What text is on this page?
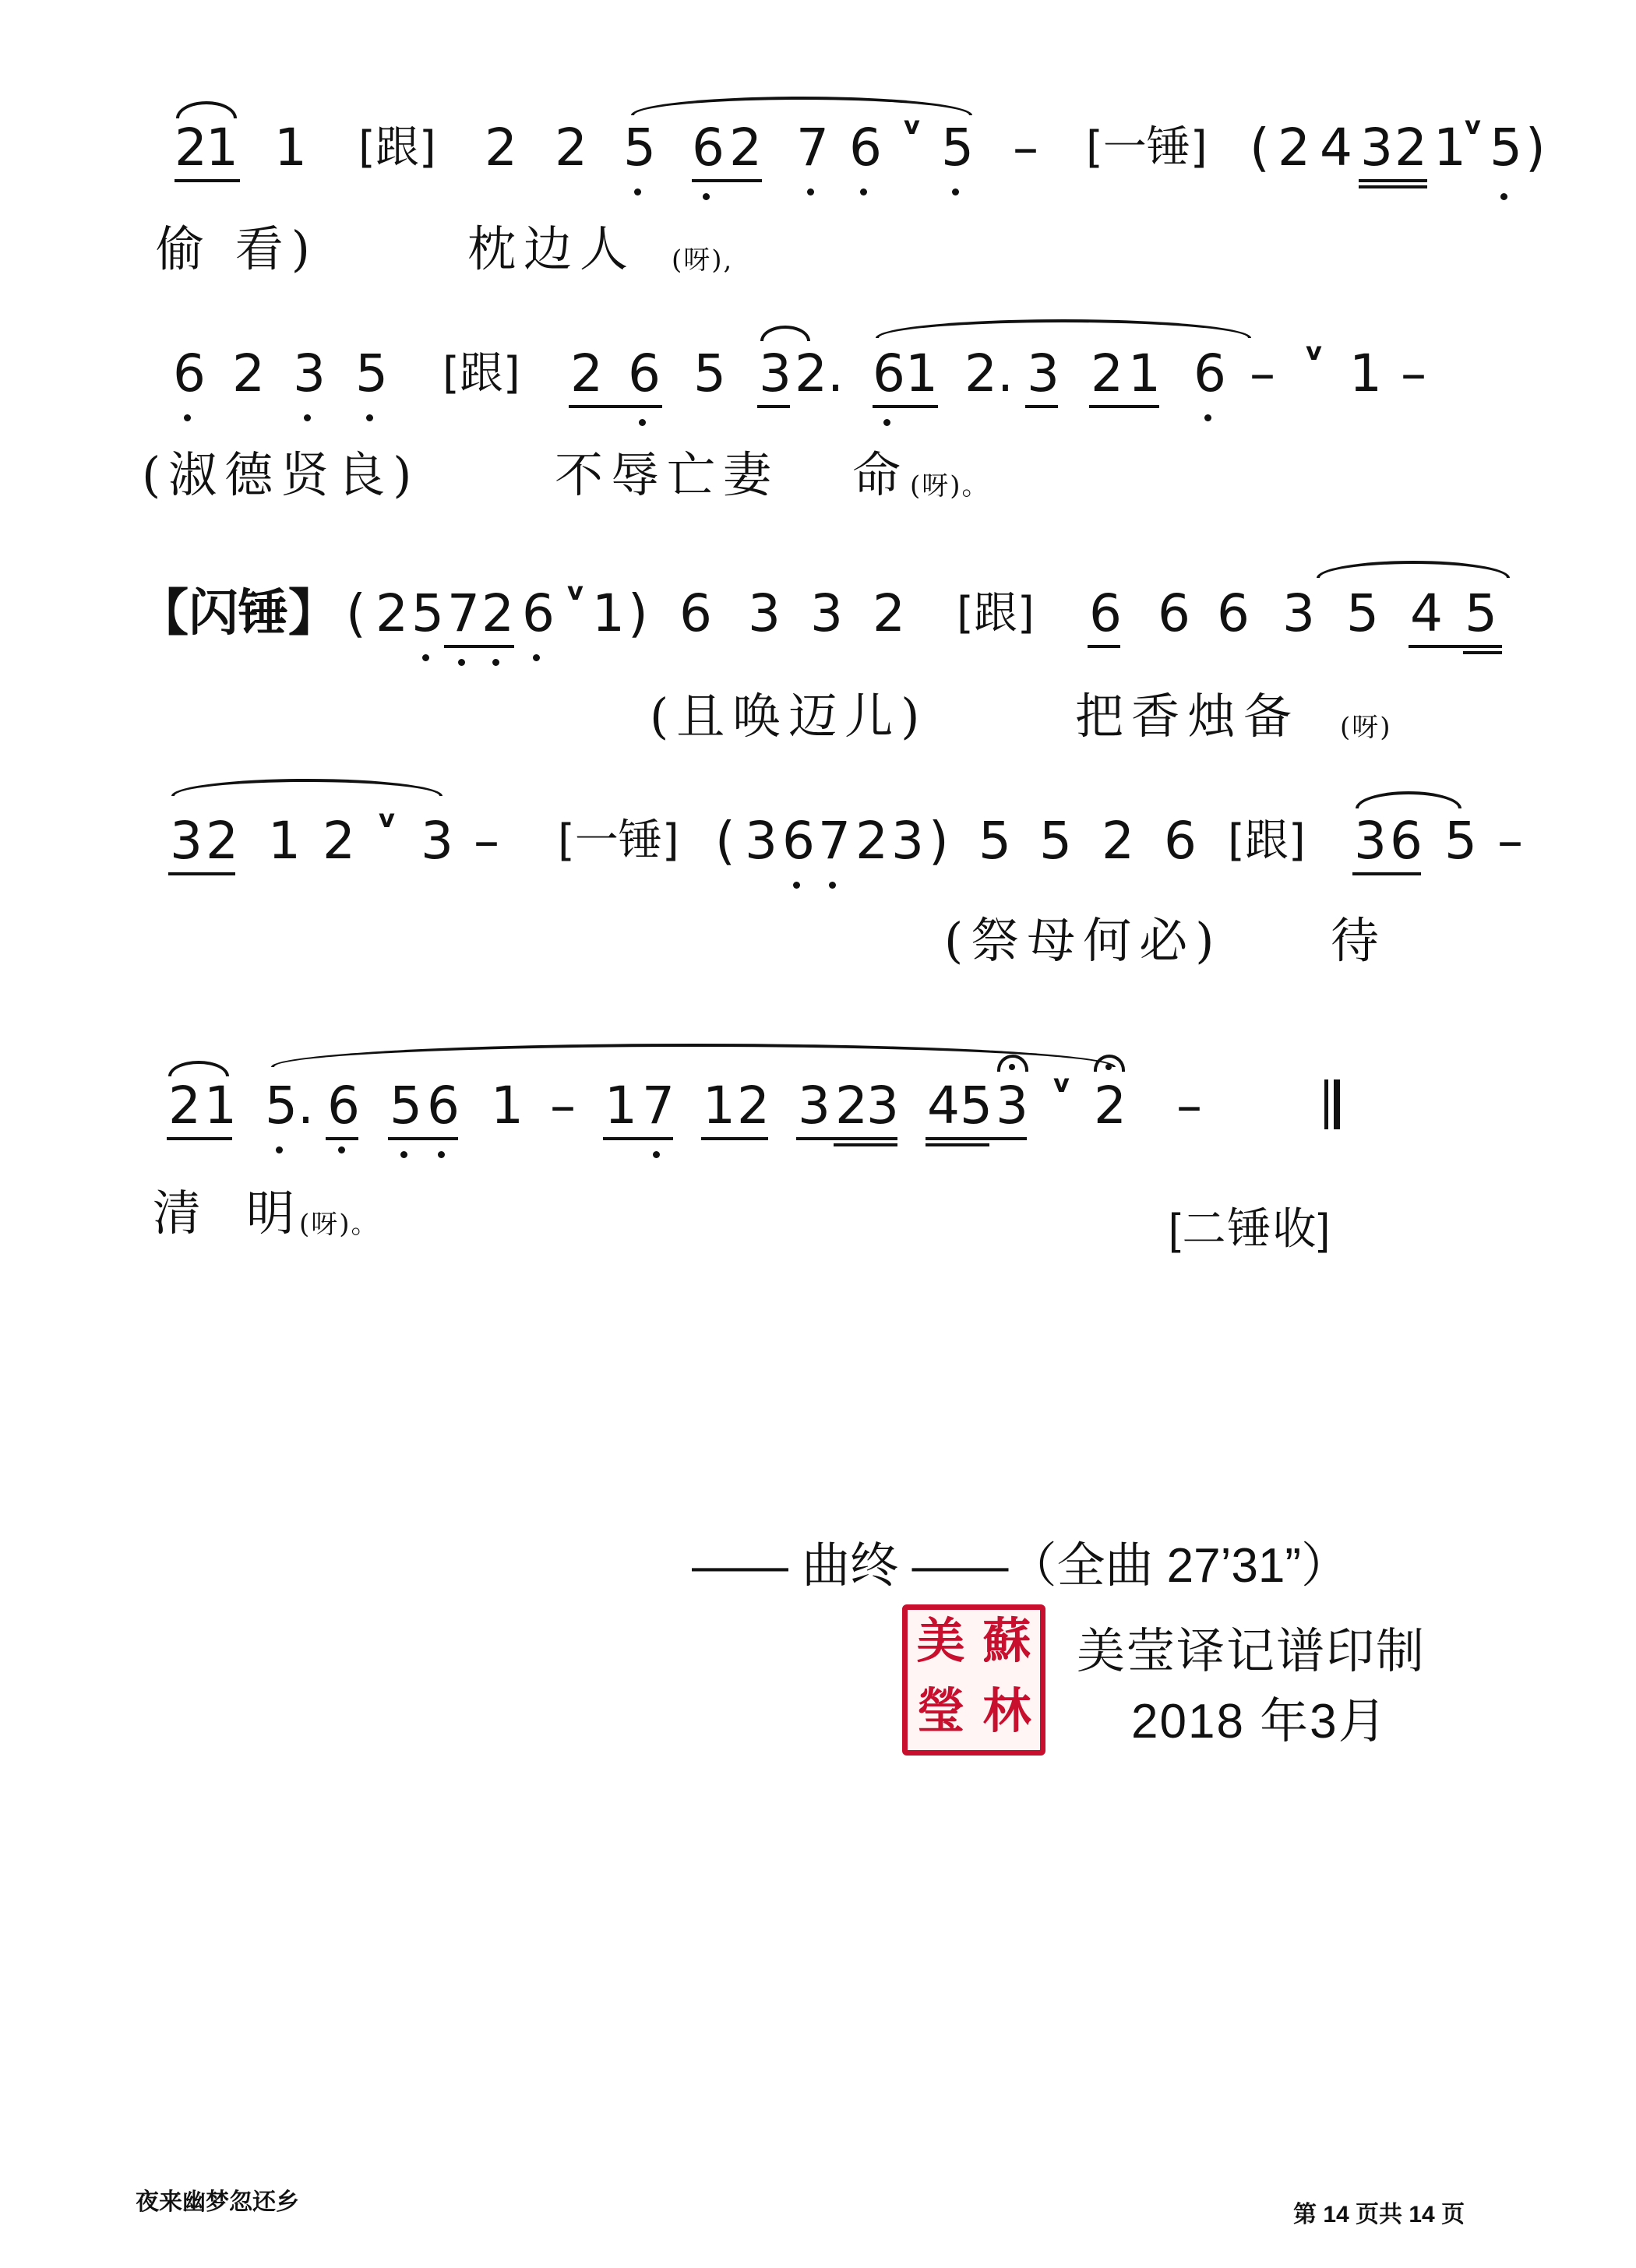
2
1 1 [跟] 2 2 5 6 2 7 6 v 5 – [一锤] ( 2 4 3 2 1
v 5 )
偷 看)	枕边人 (呀),
6 2 3 5 [跟] 2 6 5 3 2. 6 1 2. 3 2 1 6 – v 1 –
(淑德贤良)	不辱亡妻 命 (呀)。
【闪锤】 ( 2 5 7 2 6 v 1 ) 6 3 3 2 [跟] 6 6 6 3 5 4 5
(且唤迈儿)	把香烛备 (呀)
3 2 1 2 v 3 – [一锤] ( 3 6 7 2 3 ) 5 5 2 6 [跟] 3 6 5 –
(祭母何必) 待
2 1 5. 6 5 6 1 – 1 7 1 2 3 2
3 4 5 3 v 2 –
清 明
(呀)。	[二锤收]
—— 曲终 ——（全曲 27’31”）
美 蘇
瑩 林
美莹译记谱印制
2018 年3月
夜来幽梦忽还乡	第 14 页共 14 页
